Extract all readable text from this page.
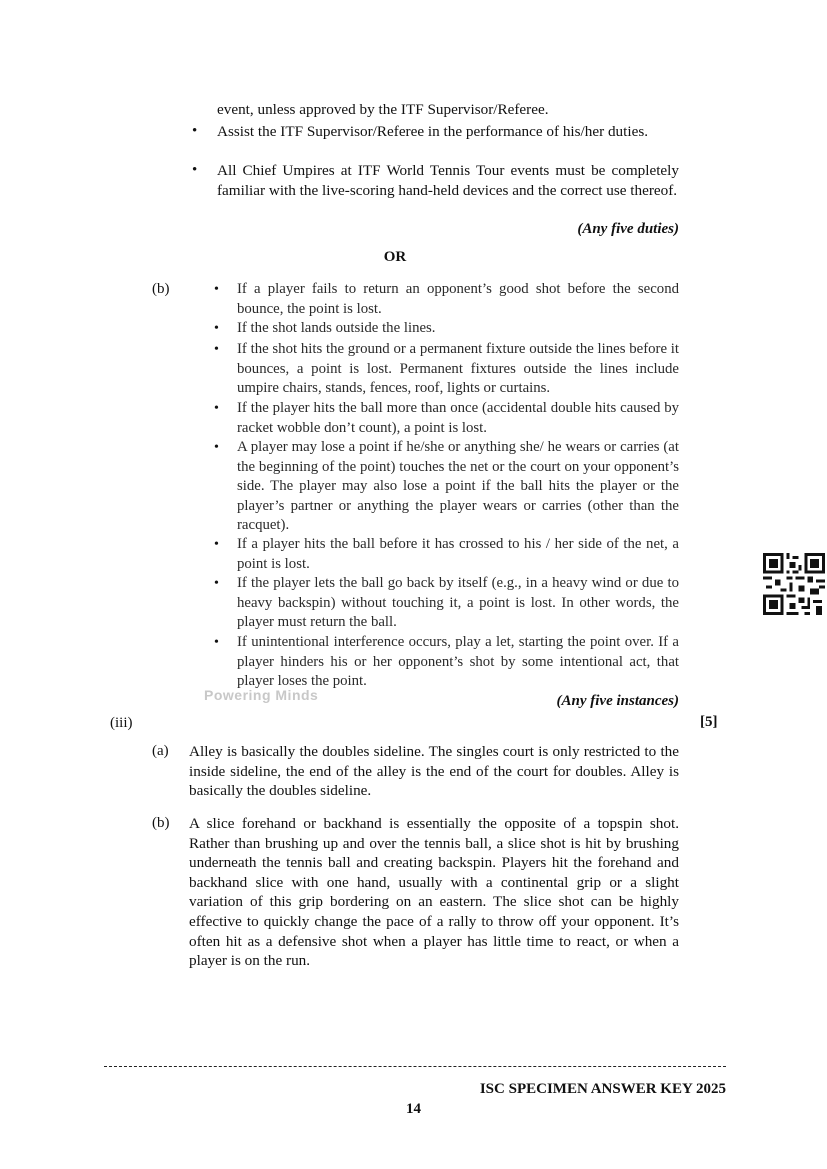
event, unless approved by the ITF Supervisor/Referee.
• Assist the ITF Supervisor/Referee in the performance of his/her duties.
• All Chief Umpires at ITF World Tennis Tour events must be completely familiar with the live-scoring hand-held devices and the correct use thereof.
(Any five duties)
OR
(b)	• If a player fails to return an opponent’s good shot before the second bounce, the point is lost.
• If the shot lands outside the lines.
• If the shot hits the ground or a permanent fixture outside the lines before it bounces, a point is lost. Permanent fixtures outside the lines include umpire chairs, stands, fences, roof, lights or curtains.
• If the player hits the ball more than once (accidental double hits caused by racket wobble don’t count), a point is lost.
• A player may lose a point if he/she or anything she/ he wears or carries (at the beginning of the point) touches the net or the court on your opponent’s side. The player may also lose a point if the ball hits the player or the player’s partner or anything the player wears or carries (other than the racquet).
• If a player hits the ball before it has crossed to his / her side of the net, a point is lost.
• If the player lets the ball go back by itself (e.g., in a heavy wind or due to heavy backspin) without touching it, a point is lost. In other words, the player must return the ball.
• If unintentional interference occurs, play a let, starting the point over. If a player hinders his or her opponent’s shot by some intentional act, that player loses the point.
Powering Minds	(Any five instances)
(iii)	[5]
(a) Alley is basically the doubles sideline. The singles court is only restricted to the inside sideline, the end of the alley is the end of the court for doubles. Alley is basically the doubles sideline.
(b) A slice forehand or backhand is essentially the opposite of a topspin shot. Rather than brushing up and over the tennis ball, a slice shot is hit by brushing underneath the tennis ball and creating backspin. Players hit the forehand and backhand slice with one hand, usually with a continental grip or a slight variation of this grip bordering on an eastern. The slice shot can be highly effective to quickly change the pace of a rally to throw off your opponent. It’s often hit as a defensive shot when a player has little time to react, or when a player is on the run.
ISC SPECIMEN ANSWER KEY 2025
14
